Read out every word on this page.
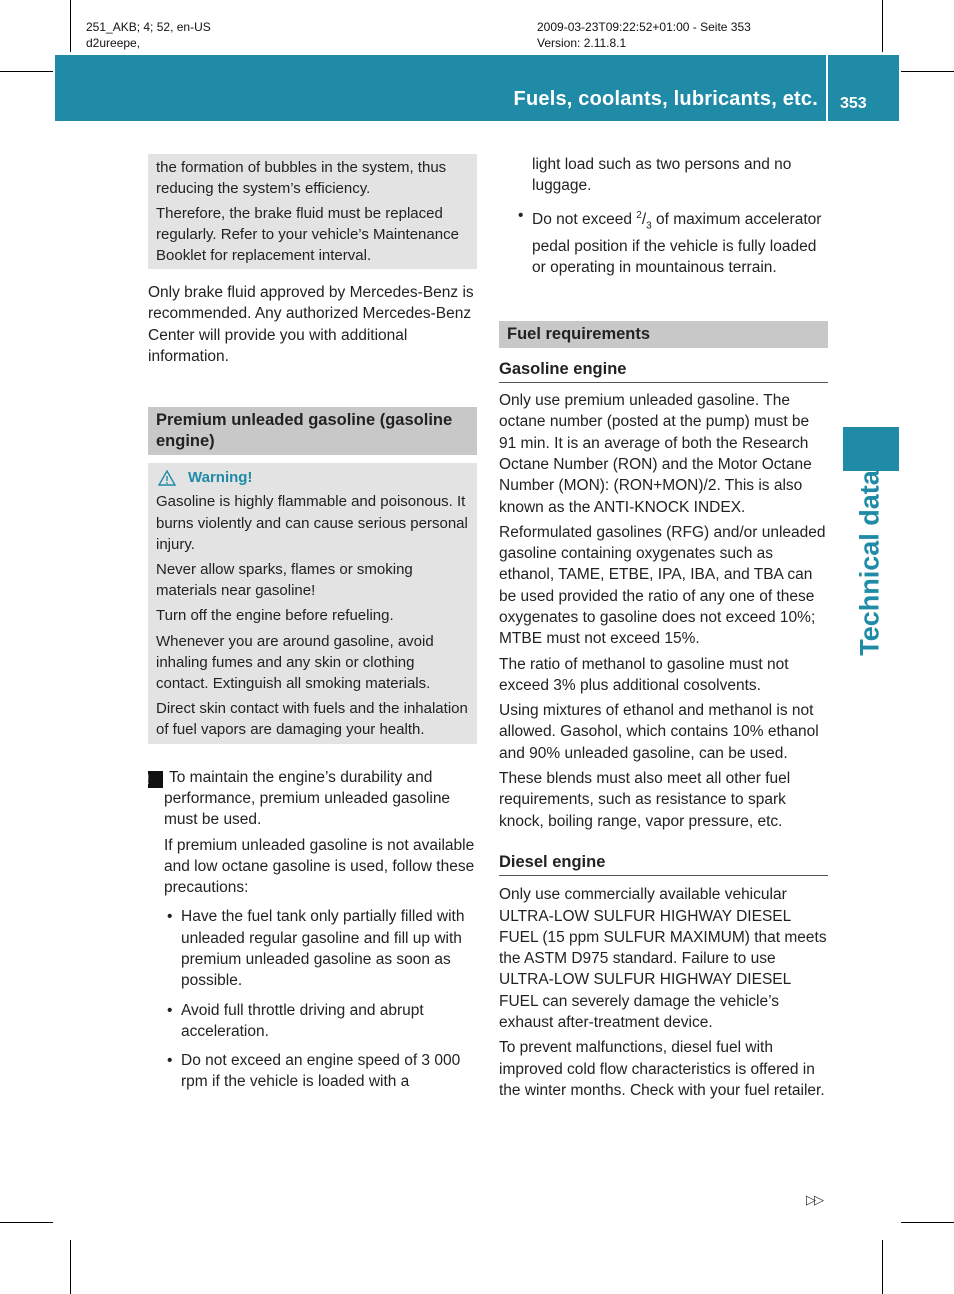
251_AKB; 4; 52, en-US
d2ureepe,
2009-03-23T09:22:52+01:00 - Seite 353
Version: 2.11.8.1
Fuels, coolants, lubricants, etc. 353
Technical data

the formation of bubbles in the system, thus reducing the system’s efficiency.

Therefore, the brake fluid must be replaced regularly. Refer to your vehicle’s Maintenance Booklet for replacement interval.

Only brake fluid approved by Mercedes-Benz is recommended. Any authorized Mercedes-Benz Center will provide you with additional information.

Premium unleaded gasoline (gasoline engine)
Warning!

Gasoline is highly flammable and poisonous. It burns violently and can cause serious personal injury.

Never allow sparks, flames or smoking materials near gasoline!

Turn off the engine before refueling.

Whenever you are around gasoline, avoid inhaling fumes and any skin or clothing contact. Extinguish all smoking materials.

Direct skin contact with fuels and the inhalation of fuel vapors are damaging your health.

! To maintain the engine’s durability and performance, premium unleaded gasoline must be used.

If premium unleaded gasoline is not available and low octane gasoline is used, follow these precautions:

• Have the fuel tank only partially filled with unleaded regular gasoline and fill up with premium unleaded gasoline as soon as possible.
• Avoid full throttle driving and abrupt acceleration.
• Do not exceed an engine speed of 3 000 rpm if the vehicle is loaded with a

light load such as two persons and no luggage.

• Do not exceed $^2/_3$ of maximum accelerator pedal position if the vehicle is fully loaded or operating in mountainous terrain.
Fuel requirements
Gasoline engine

Only use premium unleaded gasoline. The octane number (posted at the pump) must be 91 min. It is an average of both the Research Octane Number (RON) and the Motor Octane Number (MON): (RON+MON)/2. This is also known as the ANTI-KNOCK INDEX.

Reformulated gasolines (RFG) and/or unleaded gasoline containing oxygenates such as ethanol, TAME, ETBE, IPA, IBA, and TBA can be used provided the ratio of any one of these oxygenates to gasoline does not exceed 10%; MTBE must not exceed 15%.

The ratio of methanol to gasoline must not exceed 3% plus additional cosolvents.

Using mixtures of ethanol and methanol is not allowed. Gasohol, which contains 10% ethanol and 90% unleaded gasoline, can be used.

These blends must also meet all other fuel requirements, such as resistance to spark knock, boiling range, vapor pressure, etc.

Diesel engine

Only use commercially available vehicular ULTRA-LOW SULFUR HIGHWAY DIESEL FUEL (15 ppm SULFUR MAXIMUM) that meets the ASTM D975 standard. Failure to use ULTRA-LOW SULFUR HIGHWAY DIESEL FUEL can severely damage the vehicle’s exhaust after-treatment device.

To prevent malfunctions, diesel fuel with improved cold flow characteristics is offered in the winter months. Check with your fuel retailer.

▷▷
